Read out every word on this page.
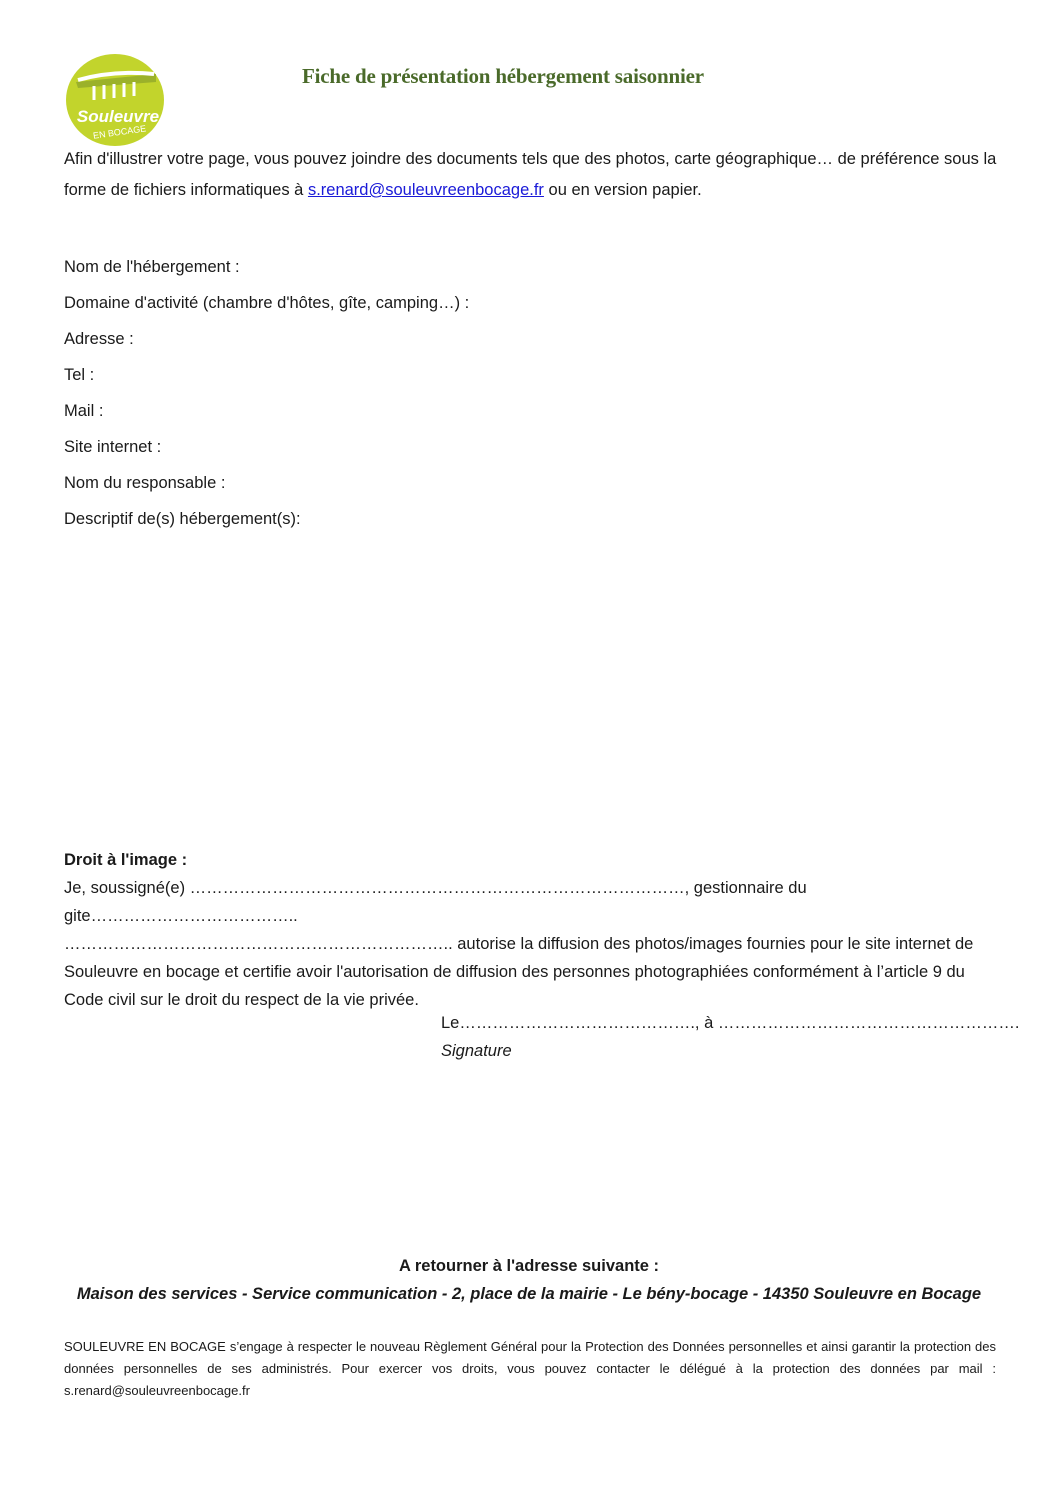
Souleuvre
EN BOCAGE
Fiche de présentation hébergement saisonnier
Afin d'illustrer votre page, vous pouvez joindre des documents tels que des photos, carte géographique… de préférence sous la forme de fichiers informatiques à s.renard@souleuvreenbocage.fr ou en version papier.
Nom de l'hébergement :
Domaine d'activité (chambre d'hôtes, gîte, camping…) :
Adresse :
Tel :
Mail :
Site internet :
Nom du responsable :
Descriptif de(s) hébergement(s):
Droit à l'image :
Je, soussigné(e) ………………………………………………………………………………, gestionnaire du gite………………………………..
…………………………………………………………….. autorise la diffusion des photos/images fournies pour le site internet de Souleuvre en bocage et certifie avoir l'autorisation de diffusion des personnes photographiées conformément à l’article 9 du Code civil sur le droit du respect de la vie privée.
Le……………………………………., à ……………………………………………….
Signature
A retourner à l'adresse suivante :
Maison des services - Service communication - 2, place de la mairie - Le bény-bocage - 14350 Souleuvre en Bocage
SOULEUVRE EN BOCAGE s’engage à respecter le nouveau Règlement Général pour la Protection des Données personnelles et ainsi garantir la protection des données personnelles de ses administrés. Pour exercer vos droits, vous pouvez contacter le délégué à la protection des données par mail : s.renard@souleuvreenbocage.fr
